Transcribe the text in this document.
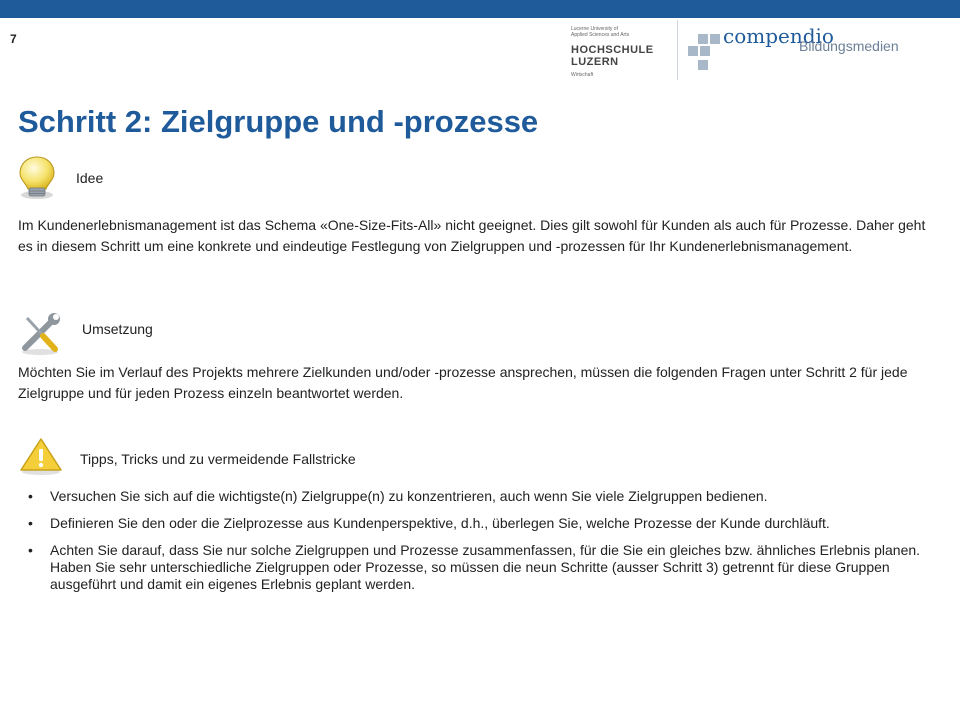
7
Lucerne University of
Applied Sciences and Arts
HOCHSCHULE
LUZERN
Wirtschaft
compendio
Bildungsmedien
Schritt 2: Zielgruppe und -prozesse
Idee

Im Kundenerlebnismanagement ist das Schema «One-Size-Fits-All» nicht geeignet. Dies gilt sowohl für Kunden als auch für Prozesse. Daher geht es in diesem Schritt um eine konkrete und eindeutige Festlegung von Zielgruppen und -prozessen für Ihr Kundenerlebnismanagement.

Umsetzung

Möchten Sie im Verlauf des Projekts mehrere Zielkunden und/oder -prozesse ansprechen, müssen die folgenden Fragen unter Schritt 2 für jede Zielgruppe und für jeden Prozess einzeln beantwortet werden.

Tipps, Tricks und zu vermeidende Fallstricke
• Versuchen Sie sich auf die wichtigste(n) Zielgruppe(n) zu konzentrieren, auch wenn Sie viele Zielgruppen bedienen.
• Definieren Sie den oder die Zielprozesse aus Kundenperspektive, d.h., überlegen Sie, welche Prozesse der Kunde durchläuft.
• Achten Sie darauf, dass Sie nur solche Zielgruppen und Prozesse zusammenfassen, für die Sie ein gleiches bzw. ähnliches Erlebnis planen. Haben Sie sehr unterschiedliche Zielgruppen oder Prozesse, so müssen die neun Schritte (ausser Schritt 3) getrennt für diese Gruppen ausgeführt und damit ein eigenes Erlebnis geplant werden.
